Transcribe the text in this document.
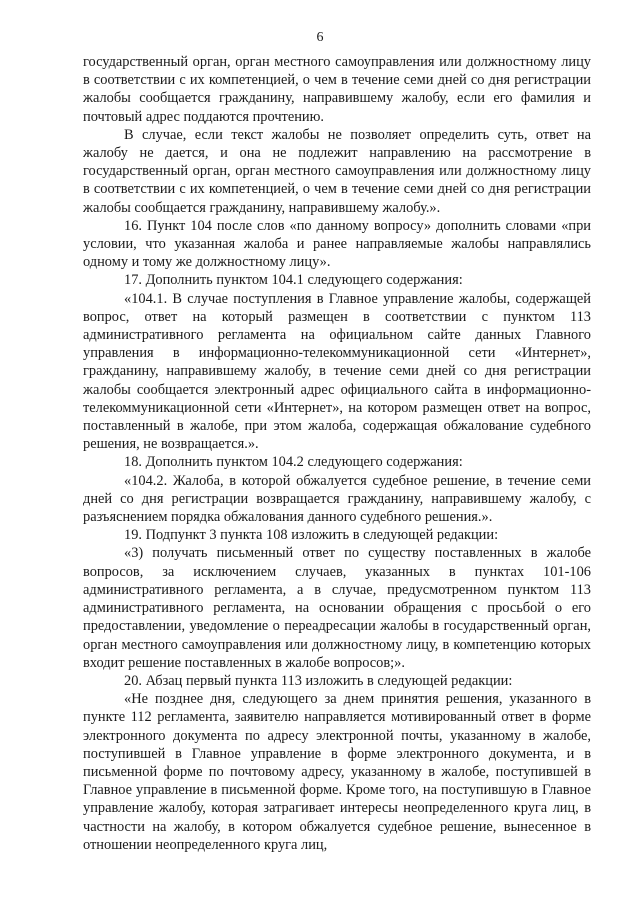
6

государственный орган, орган местного самоуправления или должностному лицу в соответствии с их компетенцией, о чем в течение семи дней со дня регистрации жалобы сообщается гражданину, направившему жалобу, если его фамилия и почтовый адрес поддаются прочтению.

В случае, если текст жалобы не позволяет определить суть, ответ на жалобу не дается, и она не подлежит направлению на рассмотрение в государственный орган, орган местного самоуправления или должностному лицу в соответствии с их компетенцией, о чем в течение семи дней со дня регистрации жалобы сообщается гражданину, направившему жалобу.».

16. Пункт 104 после слов «по данному вопросу» дополнить словами «при условии, что указанная жалоба и ранее направляемые жалобы направлялись одному и тому же должностному лицу».

17. Дополнить пунктом 104.1 следующего содержания:

«104.1. В случае поступления в Главное управление жалобы, содержащей вопрос, ответ на который размещен в соответствии с пунктом 113 административного регламента на официальном сайте данных Главного управления в информационно-телекоммуникационной сети «Интернет», гражданину, направившему жалобу, в течение семи дней со дня регистрации жалобы сообщается электронный адрес официального сайта в информационно-телекоммуникационной сети «Интернет», на котором размещен ответ на вопрос, поставленный в жалобе, при этом жалоба, содержащая обжалование судебного решения, не возвращается.».

18. Дополнить пунктом 104.2 следующего содержания:

«104.2. Жалоба, в которой обжалуется судебное решение, в течение семи дней со дня регистрации возвращается гражданину, направившему жалобу, с разъяснением порядка обжалования данного судебного решения.».

19. Подпункт 3 пункта 108 изложить в следующей редакции:

«3) получать письменный ответ по существу поставленных в жалобе вопросов, за исключением случаев, указанных в пунктах 101-106 административного регламента, а в случае, предусмотренном пунктом 113 административного регламента, на основании обращения с просьбой о его предоставлении, уведомление о переадресации жалобы в государственный орган, орган местного самоуправления или должностному лицу, в компетенцию которых входит решение поставленных в жалобе вопросов;».

20. Абзац первый пункта 113 изложить в следующей редакции:

«Не позднее дня, следующего за днем принятия решения, указанного в пункте 112 регламента, заявителю направляется мотивированный ответ в форме электронного документа по адресу электронной почты, указанному в жалобе, поступившей в Главное управление в форме электронного документа, и в письменной форме по почтовому адресу, указанному в жалобе, поступившей в Главное управление в письменной форме. Кроме того, на поступившую в Главное управление жалобу, которая затрагивает интересы неопределенного круга лиц, в частности на жалобу, в котором обжалуется судебное решение, вынесенное в отношении неопределенного круга лиц,
